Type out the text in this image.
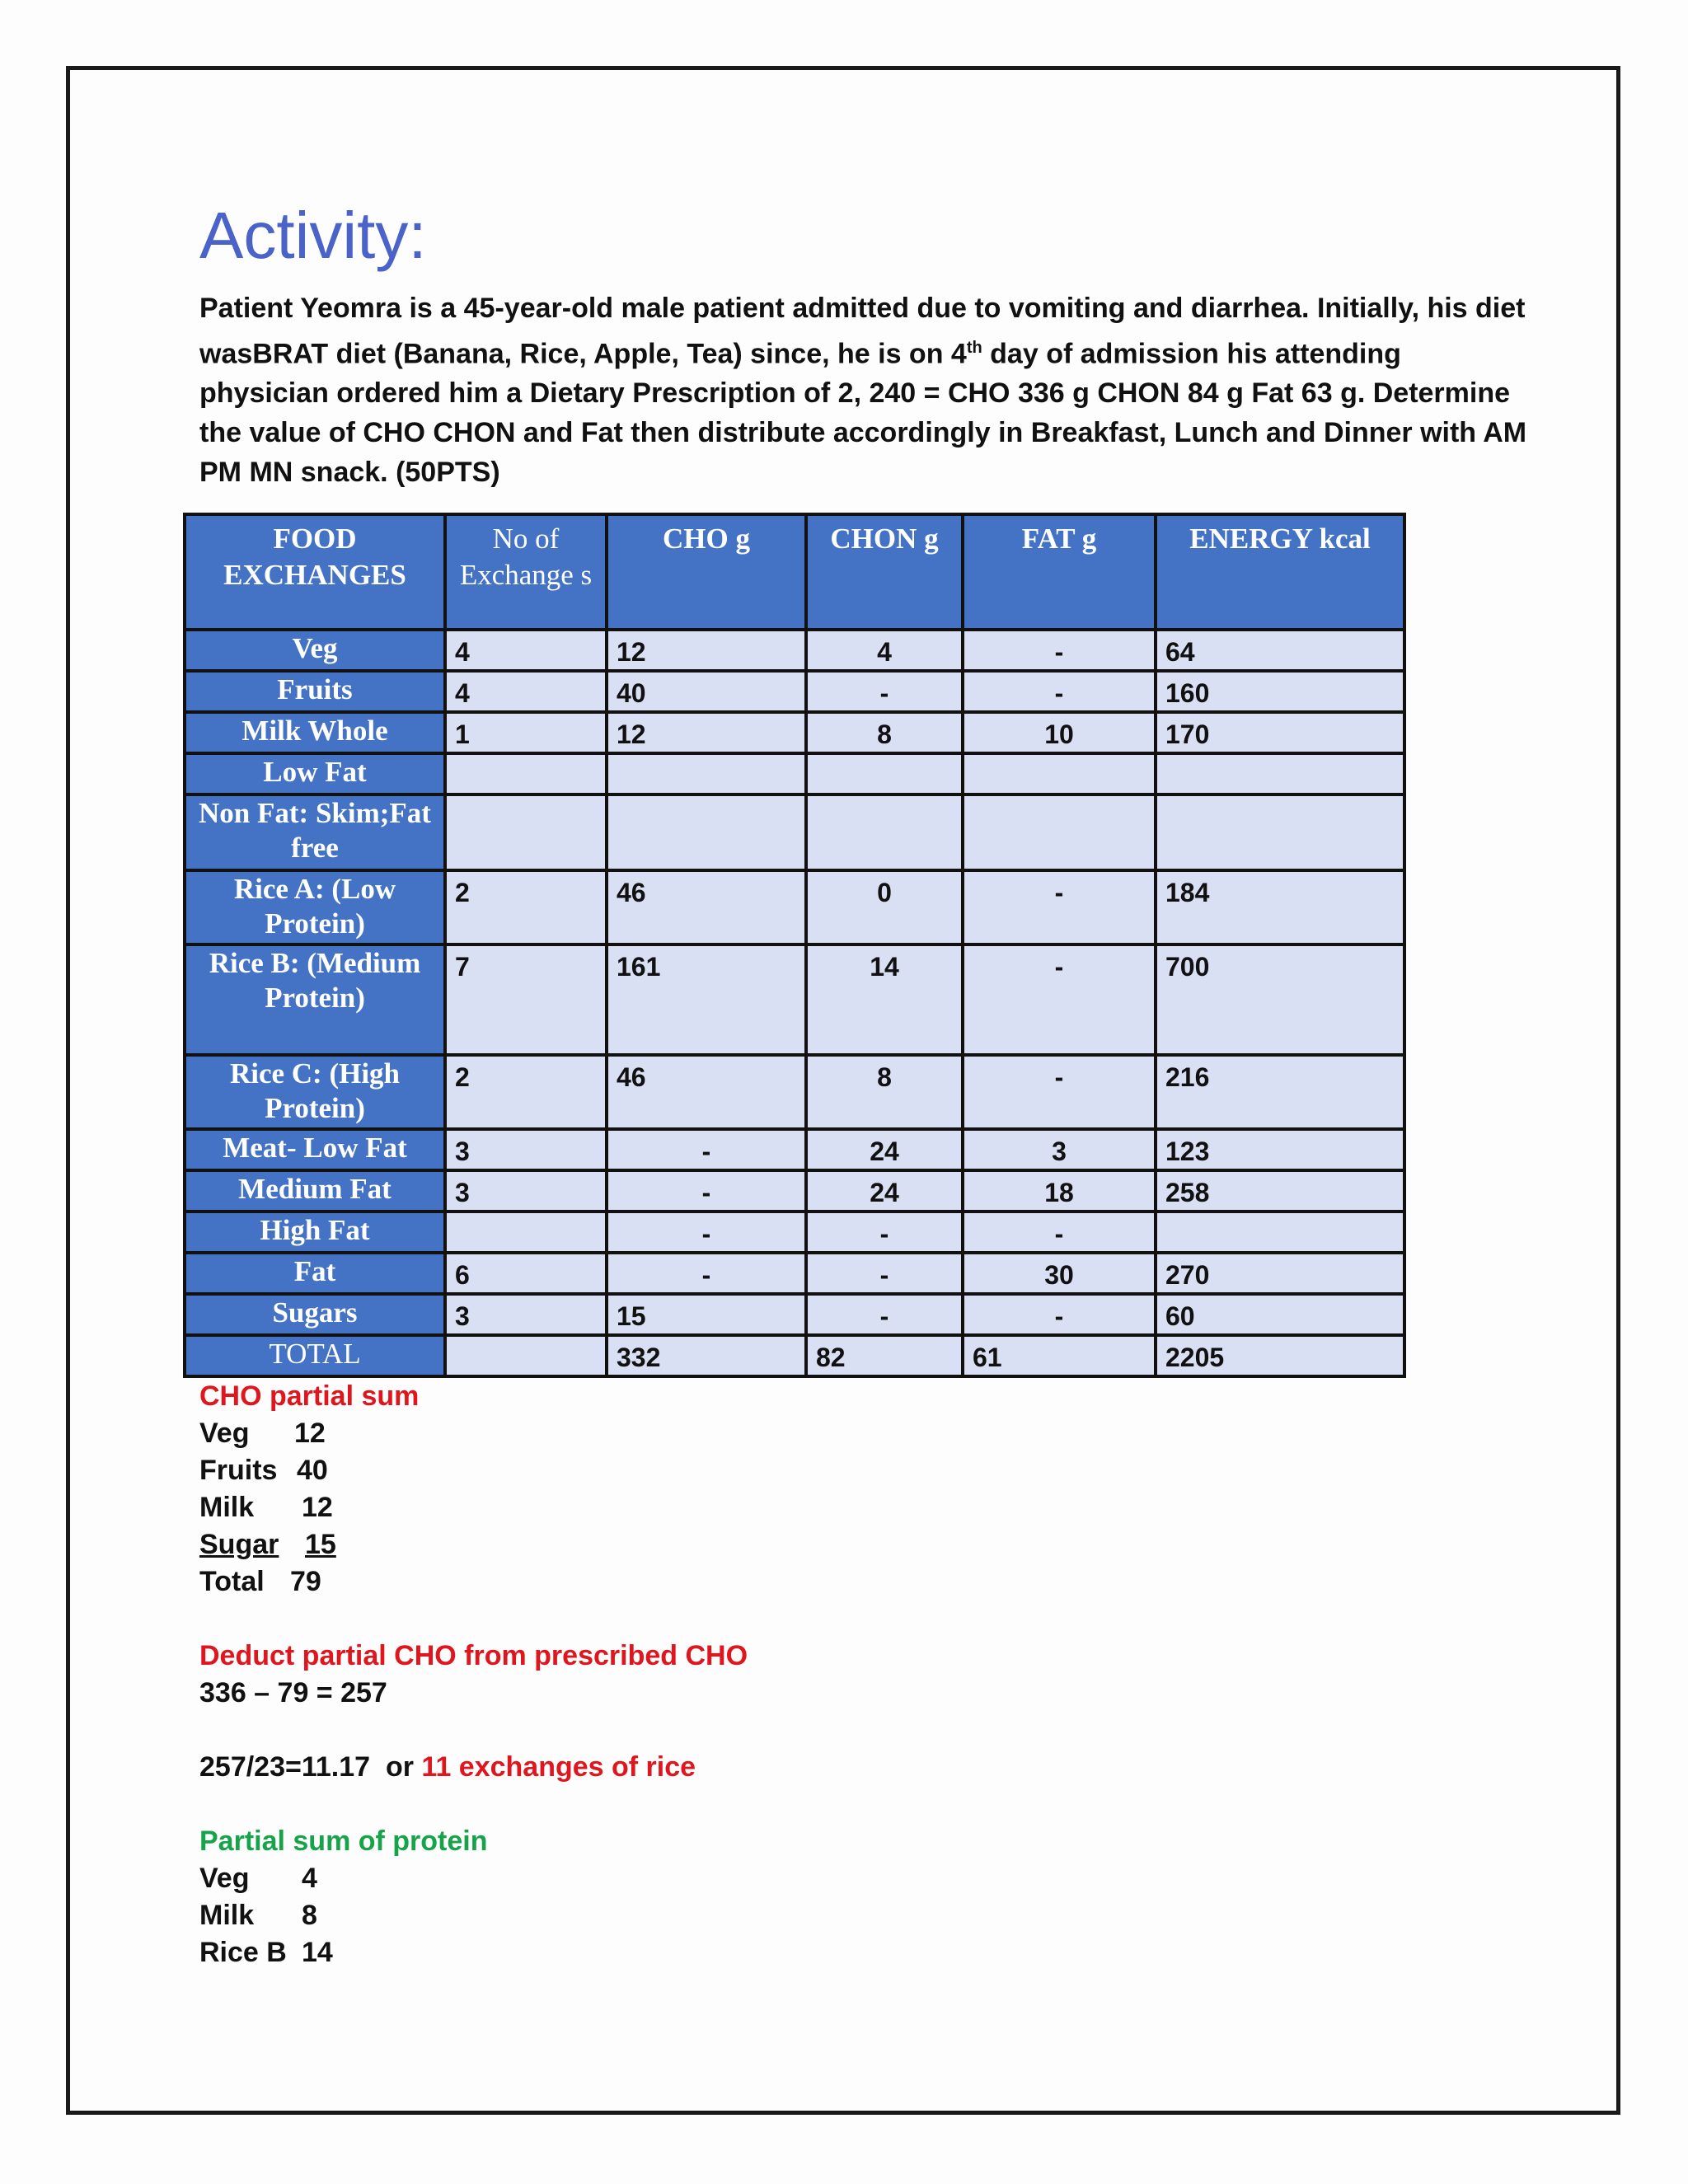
Activity:

Patient Yeomra is a 45-year-old male patient admitted due to vomiting and diarrhea. Initially, his diet wasBRAT diet (Banana, Rice, Apple, Tea) since, he is on 4th day of admission his attending physician ordered him a Dietary Prescription of 2, 240 = CHO 336 g CHON 84 g Fat 63 g. Determine the value of CHO CHON and Fat then distribute accordingly in Breakfast, Lunch and Dinner with AM PM MN snack. (50PTS)

FOOD EXCHANGES	No of Exchange s	CHO g	CHON g	FAT g	ENERGY kcal
Veg	4	12	4	-	64
Fruits	4	40	-	-	160
Milk Whole	1	12	8	10	170
Low Fat					
Non Fat: Skim;Fat free					
Rice A: (Low Protein)	2	46	0	-	184
Rice B: (Medium Protein)	7	161	14	-	700
Rice C: (High Protein)	2	46	8	-	216
Meat- Low Fat	3	-	24	3	123
Medium Fat	3	-	24	18	258
High Fat		-	-	-	
Fat	6	-	-	30	270
Sugars	3	15	-	-	60
TOTAL		332	82	61	2205
CHO partial sum
Veg	12
Fruits 40
Milk	12
Sugar 15
Total 79
Deduct partial CHO from prescribed CHO
336 – 79 = 257
257/23=11.17 or 11 exchanges of rice
Partial sum of protein
Veg	4
Milk	8
Rice B 14
